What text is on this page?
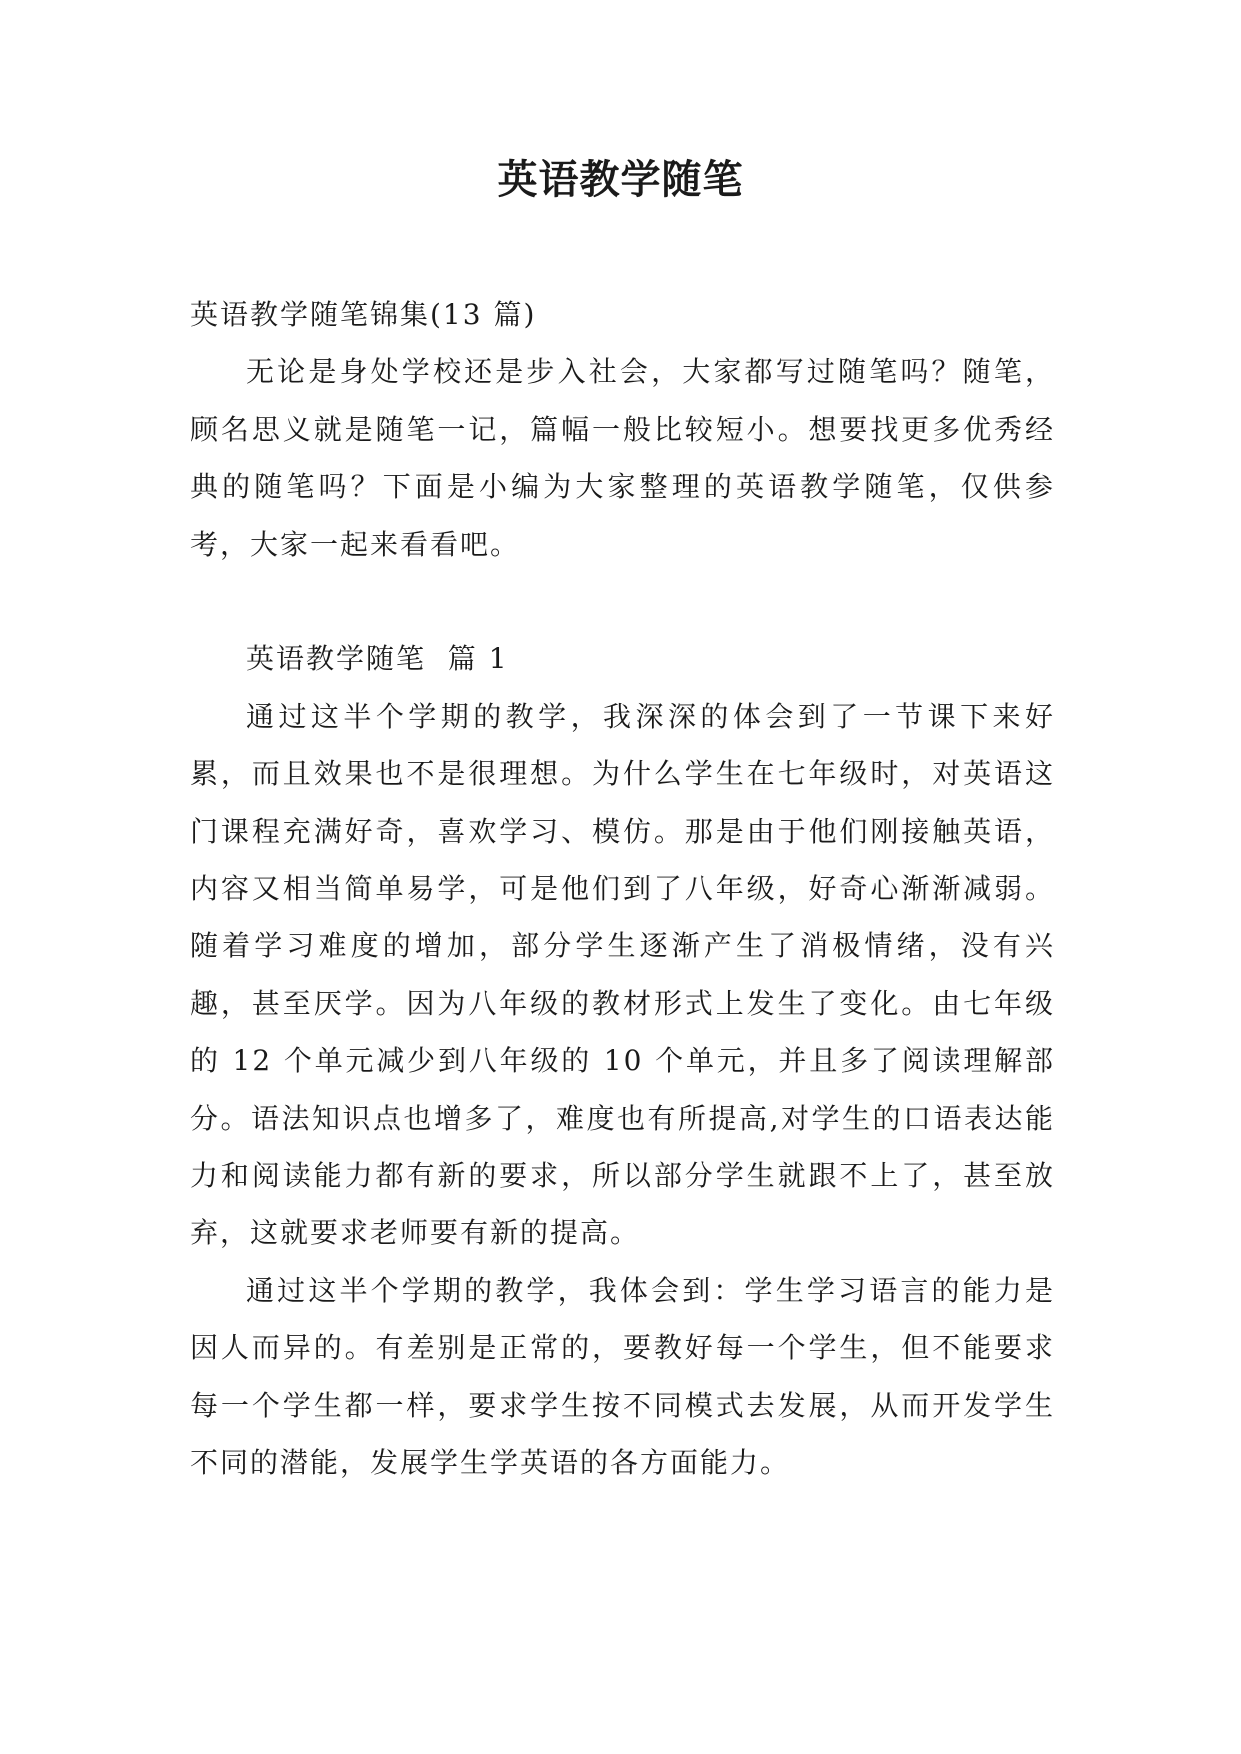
英语教学随笔

英语教学随笔锦集(13 篇)

无论是身处学校还是步入社会，大家都写过随笔吗？随笔，顾名思义就是随笔一记，篇幅一般比较短小。想要找更多优秀经典的随笔吗？下面是小编为大家整理的英语教学随笔，仅供参考，大家一起来看看吧。

英语教学随笔  篇 1

通过这半个学期的教学，我深深的体会到了一节课下来好累，而且效果也不是很理想。为什么学生在七年级时，对英语这门课程充满好奇，喜欢学习、模仿。那是由于他们刚接触英语，内容又相当简单易学，可是他们到了八年级，好奇心渐渐减弱。随着学习难度的增加，部分学生逐渐产生了消极情绪，没有兴趣，甚至厌学。因为八年级的教材形式上发生了变化。由七年级的 12 个单元减少到八年级的 10 个单元，并且多了阅读理解部分。语法知识点也增多了，难度也有所提高,对学生的口语表达能力和阅读能力都有新的要求，所以部分学生就跟不上了，甚至放弃，这就要求老师要有新的提高。

通过这半个学期的教学，我体会到：学生学习语言的能力是因人而异的。有差别是正常的，要教好每一个学生，但不能要求每一个学生都一样，要求学生按不同模式去发展，从而开发学生不同的潜能，发展学生学英语的各方面能力。
